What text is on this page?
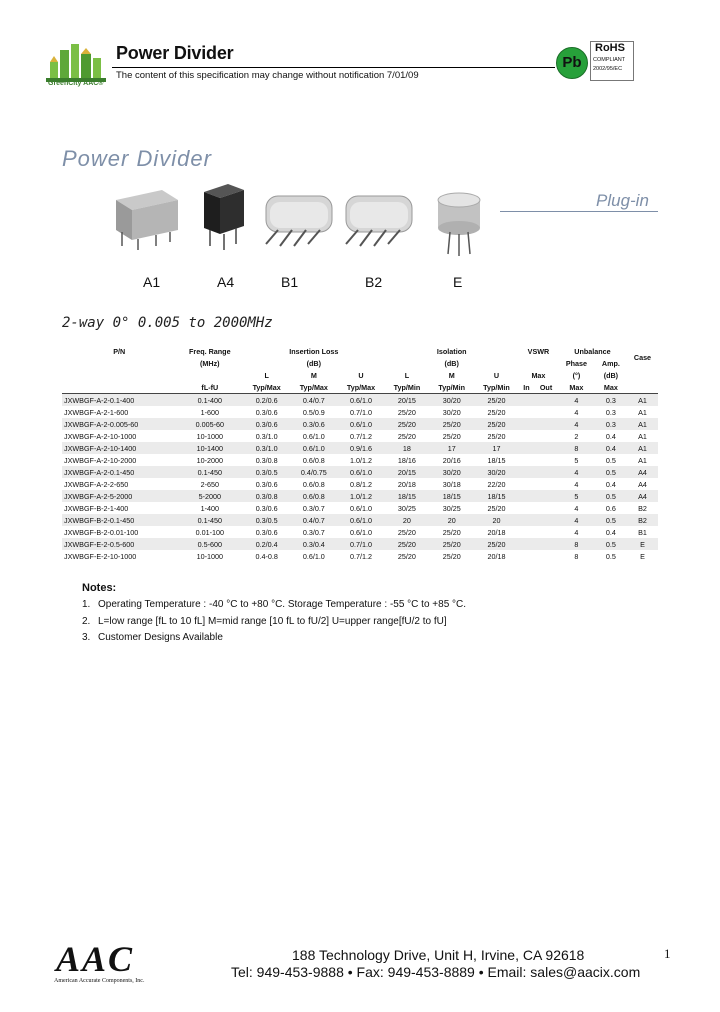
GreenCity AAC®
Power Divider
The content of this specification may change without notification 7/01/09
Pb
RoHS
COMPLIANT
2002/95/EC
Power Divider
Plug-in
A1	A4	B1	B2	E
2-way 0° 0.005 to 2000MHz
P/N	Freq. Range	Insertion Loss			Isolation			VSWR		Unbalance		Case
	(MHz)	(dB)			(dB)					Phase	Amp.	
		L	M	U	L	M	U	Max		(°)	(dB)	
	fL-fU	Typ/Max	Typ/Max	Typ/Max	Typ/Min	Typ/Min	Typ/Min	In	Out	Max	Max	
JXWBGF-A-2-0.1-400	0.1-400	0.2/0.6	0.4/0.7	0.6/1.0	20/15	30/20	25/20			4	0.3	A1
JXWBGF-A-2-1-600	1-600	0.3/0.6	0.5/0.9	0.7/1.0	25/20	30/20	25/20			4	0.3	A1
JXWBGF-A-2-0.005-60	0.005-60	0.3/0.6	0.3/0.6	0.6/1.0	25/20	25/20	25/20			4	0.3	A1
JXWBGF-A-2-10-1000	10-1000	0.3/1.0	0.6/1.0	0.7/1.2	25/20	25/20	25/20			2	0.4	A1
JXWBGF-A-2-10-1400	10-1400	0.3/1.0	0.6/1.0	0.9/1.6	18	17	17			8	0.4	A1
JXWBGF-A-2-10-2000	10-2000	0.3/0.8	0.6/0.8	1.0/1.2	18/16	20/16	18/15			5	0.5	A1
JXWBGF-A-2-0.1-450	0.1-450	0.3/0.5	0.4/0.75	0.6/1.0	20/15	30/20	30/20			4	0.5	A4
JXWBGF-A-2-2-650	2-650	0.3/0.6	0.6/0.8	0.8/1.2	20/18	30/18	22/20			4	0.4	A4
JXWBGF-A-2-5-2000	5-2000	0.3/0.8	0.6/0.8	1.0/1.2	18/15	18/15	18/15			5	0.5	A4
JXWBGF-B-2-1-400	1-400	0.3/0.6	0.3/0.7	0.6/1.0	30/25	30/25	25/20			4	0.6	B2
JXWBGF-B-2-0.1-450	0.1-450	0.3/0.5	0.4/0.7	0.6/1.0	20	20	20			4	0.5	B2
JXWBGF-B-2-0.01-100	0.01-100	0.3/0.6	0.3/0.7	0.6/1.0	25/20	25/20	20/18			4	0.4	B1
JXWBGF-E-2-0.5-600	0.5-600	0.2/0.4	0.3/0.4	0.7/1.0	25/20	25/20	25/20			8	0.5	E
JXWBGF-E-2-10-1000	10-1000	0.4-0.8	0.6/1.0	0.7/1.2	25/20	25/20	20/18			8	0.5	E
Notes:
1. Operating Temperature : -40 °C to +80 °C. Storage Temperature : -55 °C to +85 °C.
2. L=low range [fL to 10 fL] M=mid range [10 fL to fU/2] U=upper range[fU/2 to fU]
3. Customer Designs Available
AAC
American Accurate Components, Inc.
188 Technology Drive, Unit H, Irvine, CA 92618
Tel: 949-453-9888 • Fax: 949-453-8889 • Email: sales@aacix.com
1
